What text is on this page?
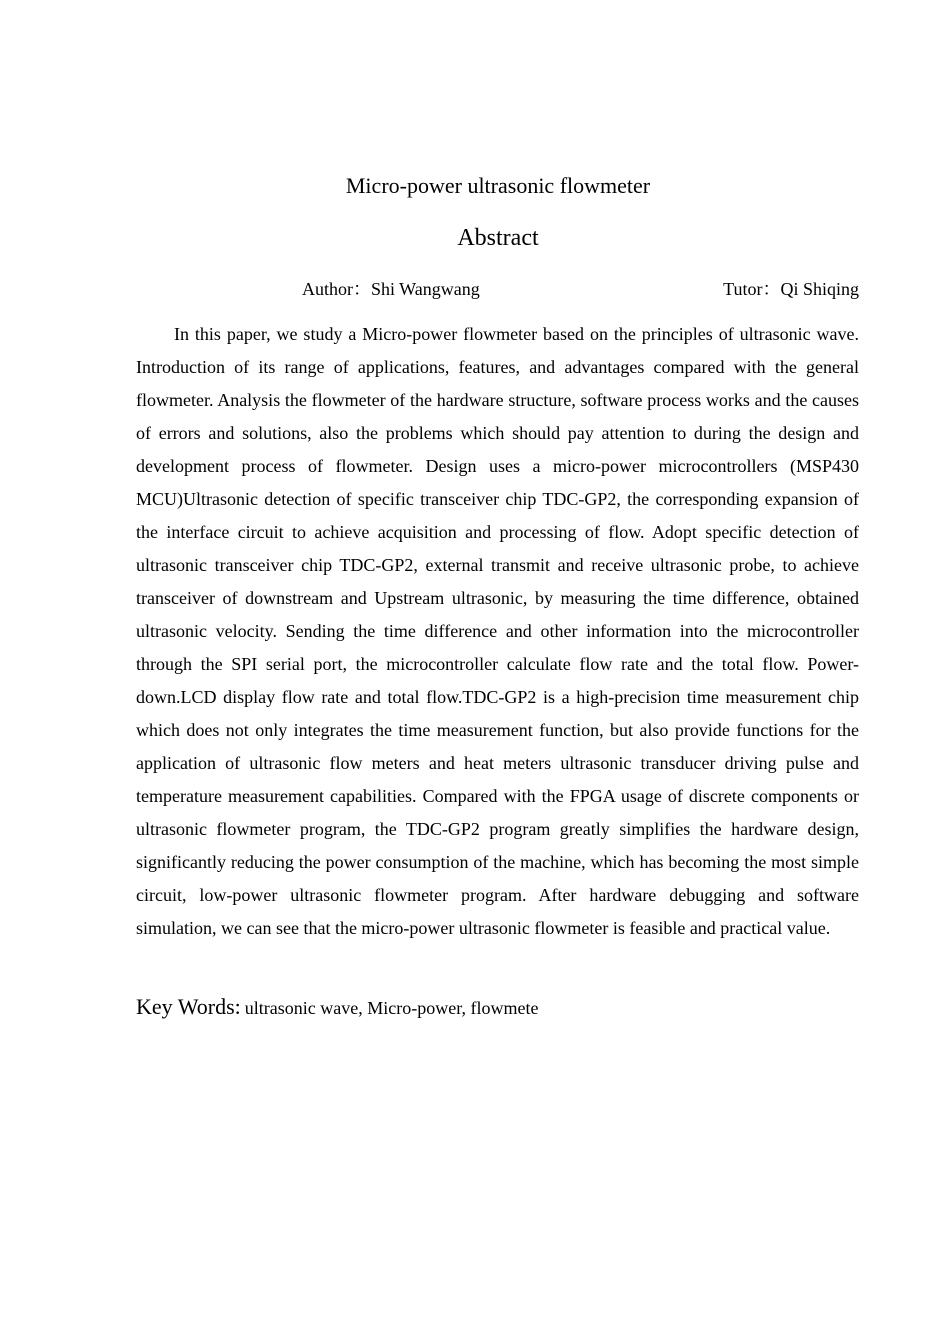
Micro-power ultrasonic flowmeter
Abstract
Author：Shi Wangwang	Tutor：Qi Shiqing

In this paper, we study a Micro-power flowmeter based on the principles of ultrasonic wave. Introduction of its range of applications, features, and advantages compared with the general flowmeter. Analysis the flowmeter of the hardware structure, software process works and the causes of errors and solutions, also the problems which should pay attention to during the design and development process of flowmeter. Design uses a micro-power microcontrollers (MSP430 MCU)Ultrasonic detection of specific transceiver chip TDC-GP2, the corresponding expansion of the interface circuit to achieve acquisition and processing of flow. Adopt specific detection of ultrasonic transceiver chip TDC-GP2, external transmit and receive ultrasonic probe, to achieve transceiver of downstream and Upstream ultrasonic, by measuring the time difference, obtained ultrasonic velocity. Sending the time difference and other information into the microcontroller through the SPI serial port, the microcontroller calculate flow rate and the total flow. Power-down.LCD display flow rate and total flow.TDC-GP2 is a high-precision time measurement chip which does not only integrates the time measurement function, but also provide functions for the application of ultrasonic flow meters and heat meters ultrasonic transducer driving pulse and temperature measurement capabilities. Compared with the FPGA usage of discrete components or ultrasonic flowmeter program, the TDC-GP2 program greatly simplifies the hardware design, significantly reducing the power consumption of the machine, which has becoming the most simple circuit, low-power ultrasonic flowmeter program. After hardware debugging and software simulation, we can see that the micro-power ultrasonic flowmeter is feasible and practical value.

Key Words: ultrasonic wave, Micro-power, flowmete
